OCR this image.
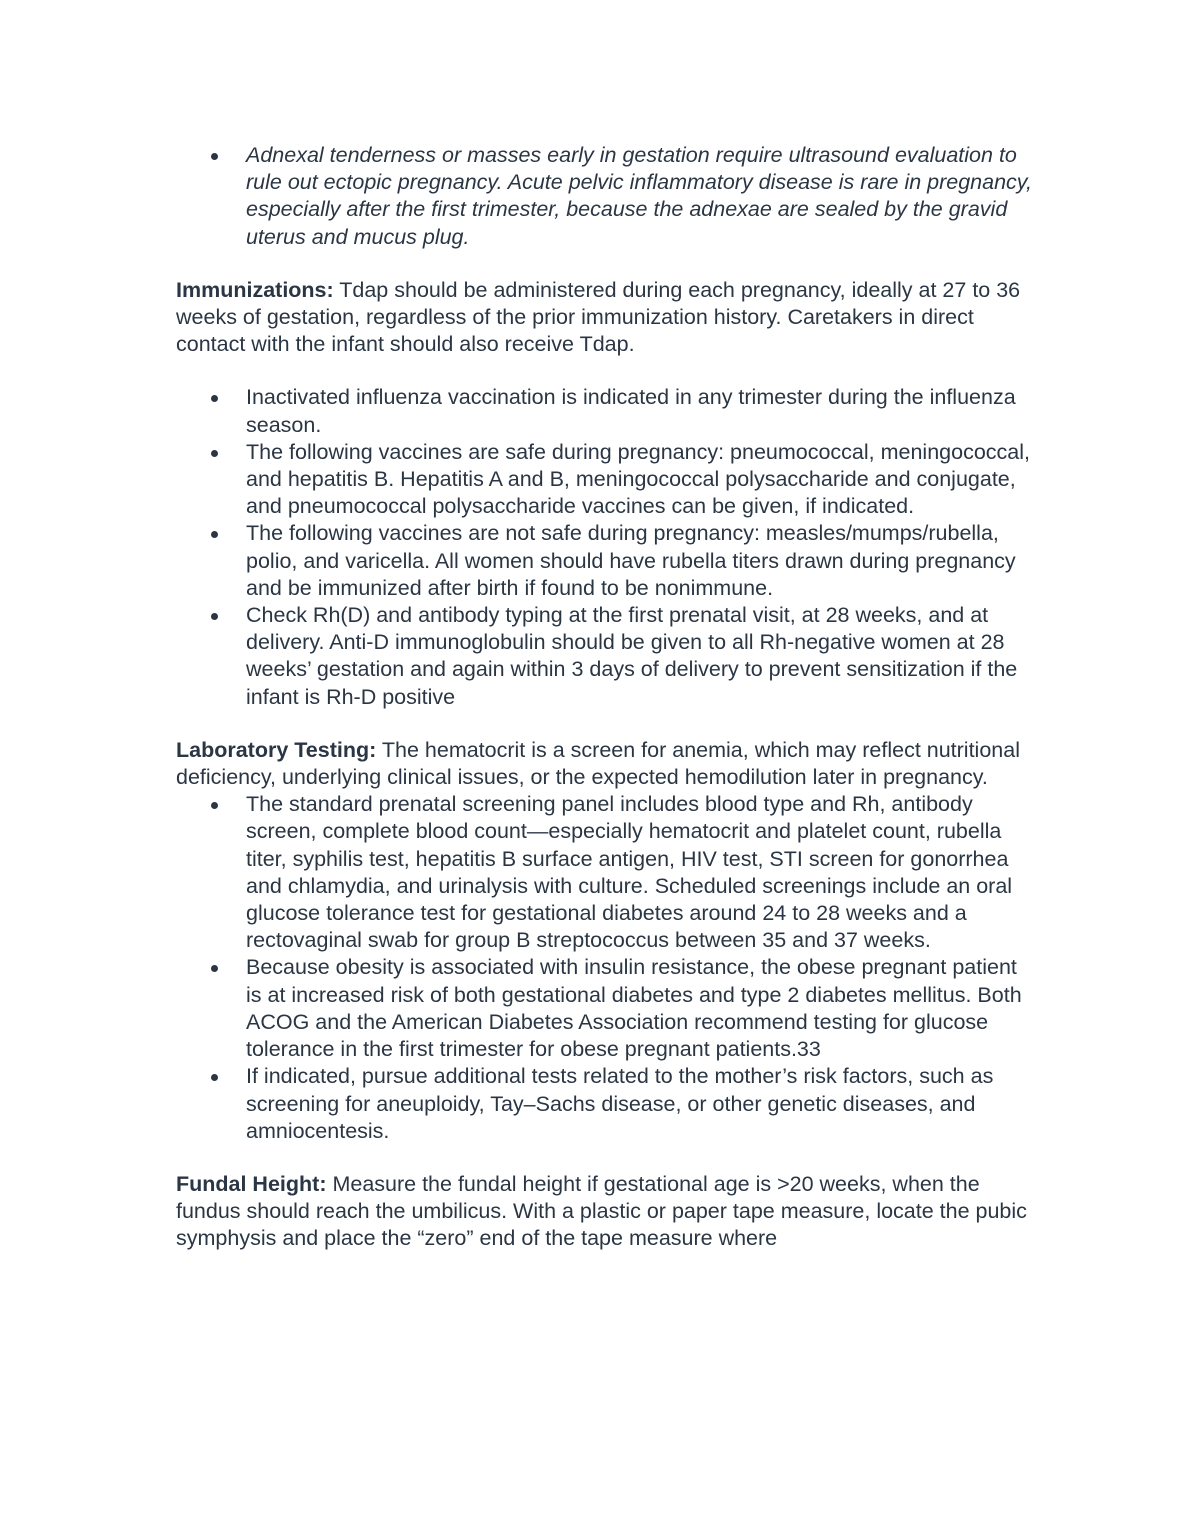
Adnexal tenderness or masses early in gestation require ultrasound evaluation to rule out ectopic pregnancy. Acute pelvic inflammatory disease is rare in pregnancy, especially after the first trimester, because the adnexae are sealed by the gravid uterus and mucus plug.

Immunizations: Tdap should be administered during each pregnancy, ideally at 27 to 36 weeks of gestation, regardless of the prior immunization history. Caretakers in direct contact with the infant should also receive Tdap.

Inactivated influenza vaccination is indicated in any trimester during the influenza season.
The following vaccines are safe during pregnancy: pneumococcal, meningococcal, and hepatitis B. Hepatitis A and B, meningococcal polysaccharide and conjugate, and pneumococcal polysaccharide vaccines can be given, if indicated.
The following vaccines are not safe during pregnancy: measles/mumps/rubella, polio, and varicella. All women should have rubella titers drawn during pregnancy and be immunized after birth if found to be nonimmune.
Check Rh(D) and antibody typing at the first prenatal visit, at 28 weeks, and at delivery. Anti-D immunoglobulin should be given to all Rh-negative women at 28 weeks’ gestation and again within 3 days of delivery to prevent sensitization if the infant is Rh-D positive

Laboratory Testing: The hematocrit is a screen for anemia, which may reflect nutritional deficiency, underlying clinical issues, or the expected hemodilution later in pregnancy.

The standard prenatal screening panel includes blood type and Rh, antibody screen, complete blood count—especially hematocrit and platelet count, rubella titer, syphilis test, hepatitis B surface antigen, HIV test, STI screen for gonorrhea and chlamydia, and urinalysis with culture. Scheduled screenings include an oral glucose tolerance test for gestational diabetes around 24 to 28 weeks and a rectovaginal swab for group B streptococcus between 35 and 37 weeks.
Because obesity is associated with insulin resistance, the obese pregnant patient is at increased risk of both gestational diabetes and type 2 diabetes mellitus. Both ACOG and the American Diabetes Association recommend testing for glucose tolerance in the first trimester for obese pregnant patients.33
If indicated, pursue additional tests related to the mother’s risk factors, such as screening for aneuploidy, Tay–Sachs disease, or other genetic diseases, and amniocentesis.

Fundal Height: Measure the fundal height if gestational age is >20 weeks, when the fundus should reach the umbilicus. With a plastic or paper tape measure, locate the pubic symphysis and place the “zero” end of the tape measure where
